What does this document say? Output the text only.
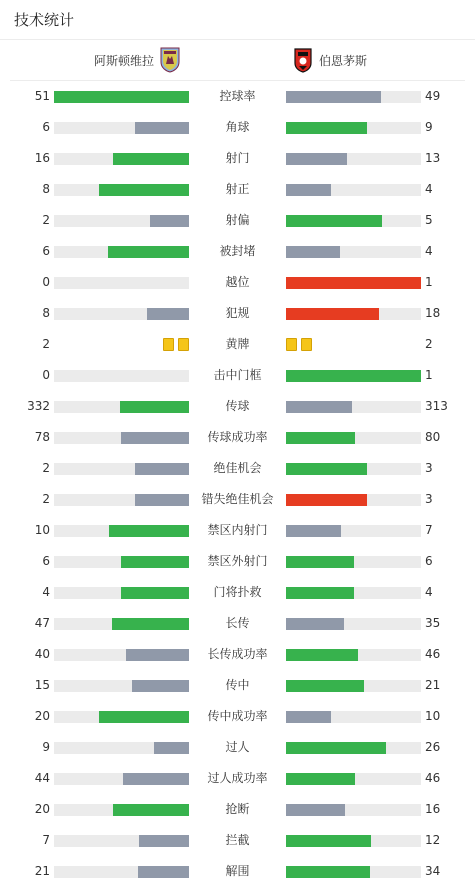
技术统计
阿斯顿维拉	伯恩茅斯
51	控球率	49
6	角球	9
16	射门	13
8	射正	4
2	射偏	5
6	被封堵	4
0	越位	1
8	犯规	18
2	黄牌	2
0	击中门框	1
332	传球	313
78	传球成功率	80
2	绝佳机会	3
2	错失绝佳机会	3
10	禁区内射门	7
6	禁区外射门	6
4	门将扑救	4
47	长传	35
40	长传成功率	46
15	传中	21
20	传中成功率	10
9	过人	26
44	过人成功率	46
20	抢断	16
7	拦截	12
21	解围	34
